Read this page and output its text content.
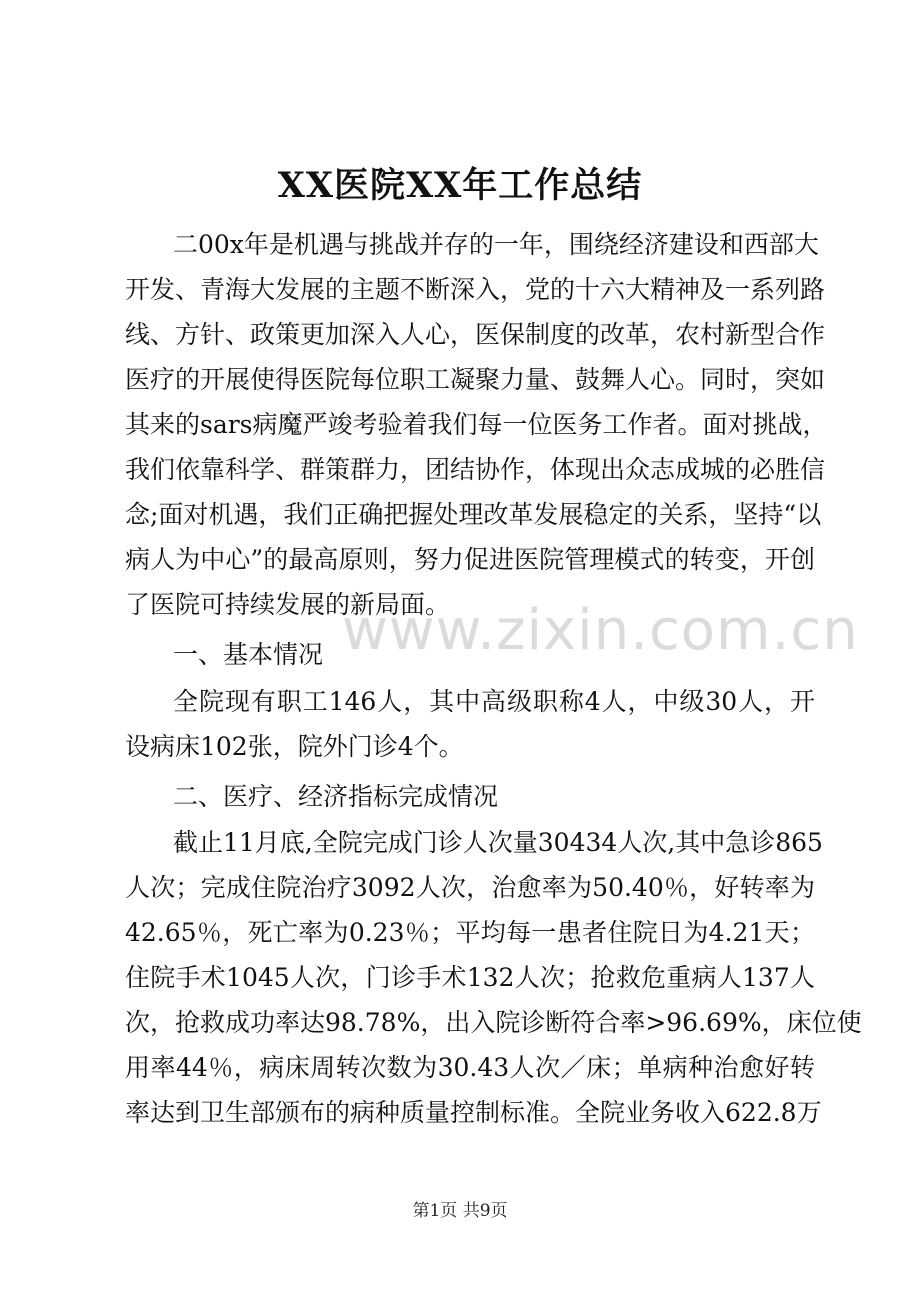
XX医院XX年工作总结
二00x年是机遇与挑战并存的一年，围绕经济建设和西部大
开发、青海大发展的主题不断深入，党的十六大精神及一系列路
线、方针、政策更加深入人心，医保制度的改革，农村新型合作
医疗的开展使得医院每位职工凝聚力量、鼓舞人心。同时，突如
其来的sars病魔严竣考验着我们每一位医务工作者。面对挑战，
我们依靠科学、群策群力，团结协作，体现出众志成城的必胜信
念;面对机遇，我们正确把握处理改革发展稳定的关系，坚持“以
病人为中心”的最高原则，努力促进医院管理模式的转变，开创
了医院可持续发展的新局面。
一、基本情况
全院现有职工146人，其中高级职称4人，中级30人，开
设病床102张，院外门诊4个。
二、医疗、经济指标完成情况
截止11月底,全院完成门诊人次量30434人次,其中急诊865
人次；完成住院治疗3092人次，治愈率为50.40％，好转率为
42.65％，死亡率为0.23％；平均每一患者住院日为4.21天；
住院手术1045人次，门诊手术132人次；抢救危重病人137人
次，抢救成功率达98.78%，出入院诊断符合率>96.69%，床位使
用率44％，病床周转次数为30.43人次／床；单病种治愈好转
率达到卫生部颁布的病种质量控制标准。全院业务收入622.8万
www.zixin.com.cn
第1页 共9页
